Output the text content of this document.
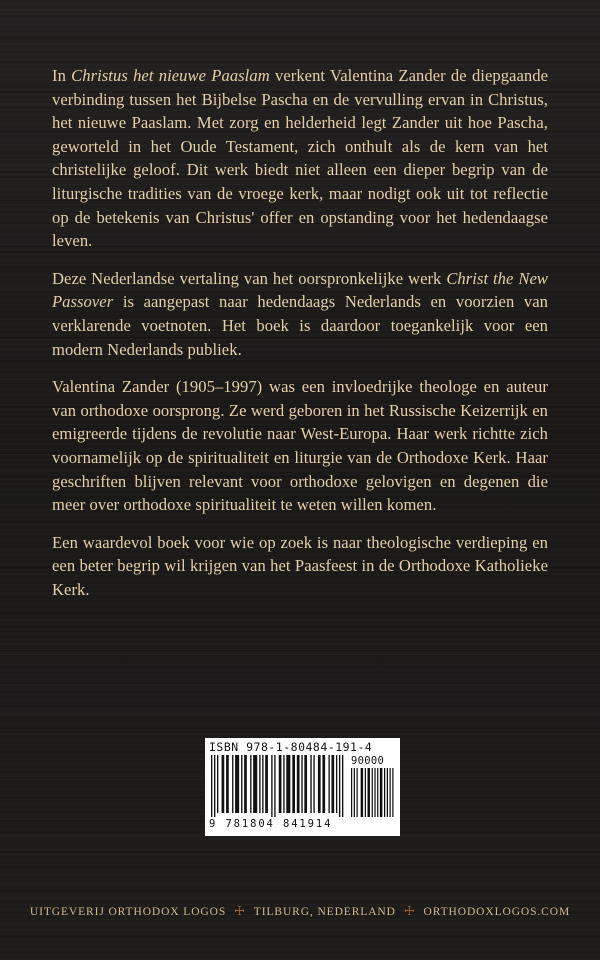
In Christus het nieuwe Paaslam verkent Valentina Zander de diepgaande verbinding tussen het Bijbelse Pascha en de vervulling ervan in Christus, het nieuwe Paaslam. Met zorg en helderheid legt Zander uit hoe Pascha, geworteld in het Oude Testament, zich onthult als de kern van het christelijke geloof. Dit werk biedt niet alleen een dieper begrip van de liturgische tradities van de vroege kerk, maar nodigt ook uit tot reflectie op de betekenis van Christus' offer en opstanding voor het hedendaagse leven.

Deze Nederlandse vertaling van het oorspronkelijke werk Christ the New Passover is aangepast naar hedendaags Nederlands en voorzien van verklarende voetnoten. Het boek is daardoor toegankelijk voor een modern Nederlands publiek.

Valentina Zander (1905–1997) was een invloedrijke theologe en auteur van orthodoxe oorsprong. Ze werd geboren in het Russische Keizerrijk en emigreerde tijdens de revolutie naar West-Europa. Haar werk richtte zich voornamelijk op de spiritualiteit en liturgie van de Orthodoxe Kerk. Haar geschriften blijven relevant voor orthodoxe gelovigen en degenen die meer over orthodoxe spiritualiteit te weten willen komen.

Een waardevol boek voor wie op zoek is naar theologische verdieping en een beter begrip wil krijgen van het Paasfeest in de Orthodoxe Katholieke Kerk.

ISBN 978-1-80484-191-4
90000
9 781804 841914
UITGEVERIJ ORTHODOX LOGOS ☩ TILBURG, NEDERLAND ☩ ORTHODOXLOGOS.COM
